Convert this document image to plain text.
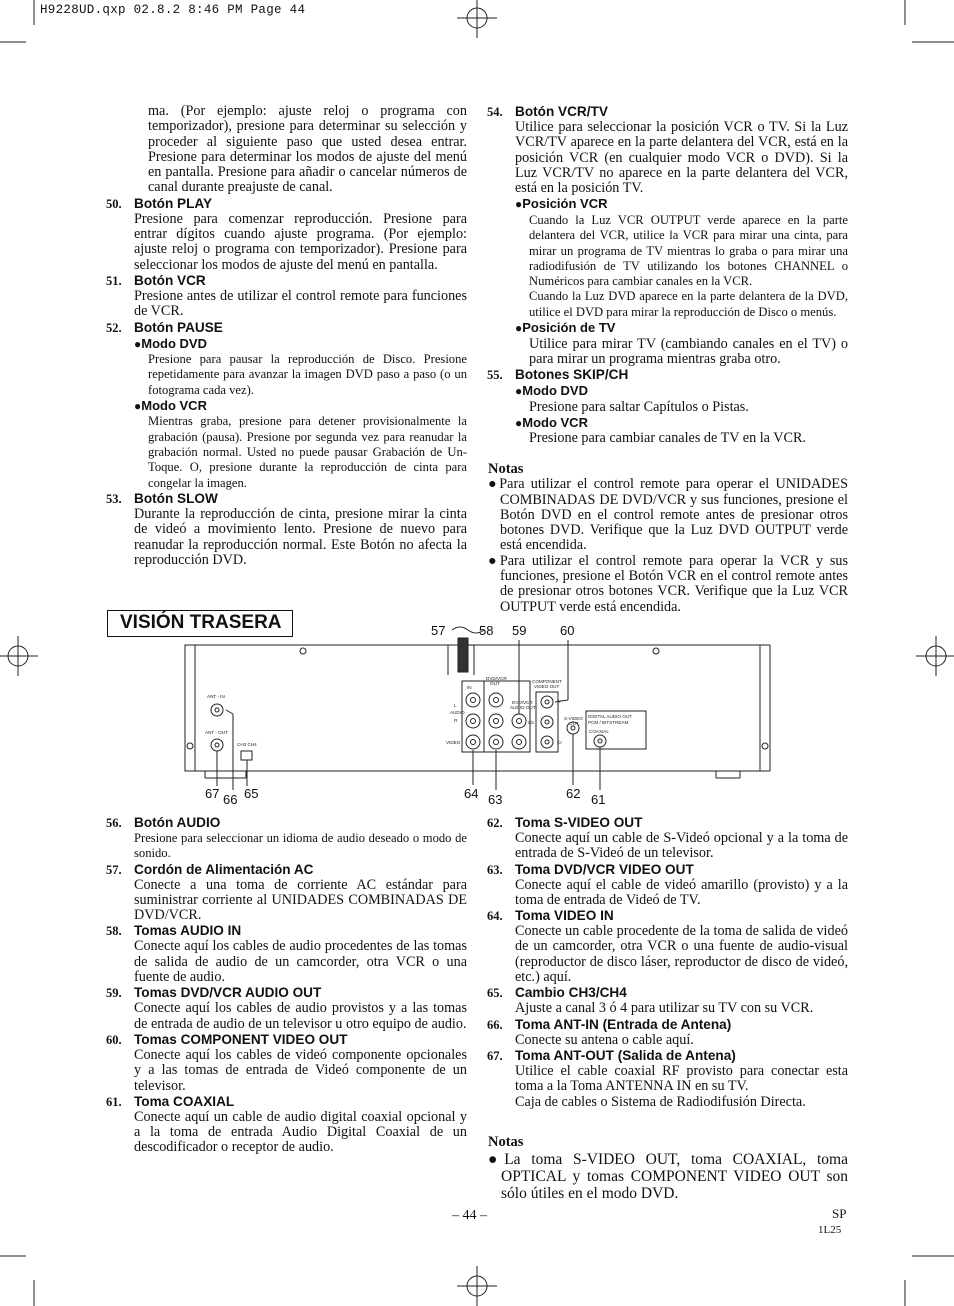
H9228UD.qxp 02.8.2 8:46 PM Page 44

ma. (Por ejemplo: ajuste reloj o programa con temporizador), presione para determinar su selección y proceder al siguiente paso que usted desea entrar. Presione para determinar los modos de ajuste del menú en pantalla. Presione para añadir o cancelar números de canal durante preajuste de canal.

50. Botón PLAY
Presione para comenzar reproducción. Presione para entrar dígitos cuando ajuste programa. (Por ejemplo: ajuste reloj o programa con temporizador). Presione para seleccionar los modos de ajuste del menú en pantalla.
51. Botón VCR
Presione antes de utilizar el control remote para funciones de VCR.
52. Botón PAUSE
●Modo DVD
Presione para pausar la reproducción de Disco. Presione repetidamente para avanzar la imagen DVD paso a paso (o un fotograma cada vez).
●Modo VCR
Mientras graba, presione para detener provisionalmente la grabación (pausa). Presione por segunda vez para reanudar la grabación normal. Usted no puede pausar Grabación de Un-Toque. O, presione durante la reproducción de cinta para congelar la imagen.
53. Botón SLOW
Durante la reproducción de cinta, presione mirar la cinta de videó a movimiento lento. Presione de nuevo para reanudar la reproducción normal. Este Botón no afecta la reproducción DVD.
54. Botón VCR/TV
Utilice para seleccionar la posición VCR o TV. Si la Luz VCR/TV aparece en la parte delantera del VCR, está en la posición VCR (en cualquier modo VCR o DVD). Si la Luz VCR/TV no aparece en la parte delantera del VCR, está en la posición TV.
●Posición VCR
Cuando la Luz VCR OUTPUT verde aparece en la parte delantera del VCR, utilice la VCR para mirar una cinta, para mirar un programa de TV mientras lo graba o para mirar una radiodifusión de TV utilizando los botones CHANNEL o Numéricos para cambiar canales en la VCR.
Cuando la Luz DVD aparece en la parte delantera de la DVD, utilice el DVD para mirar la reproducción de Disco o menús.
●Posición de TV
Utilice para mirar TV (cambiando canales en el TV) o para mirar un programa mientras graba otro.
55. Botones SKIP/CH
●Modo DVD
Presione para saltar Capítulos o Pistas.
●Modo VCR
Presione para cambiar canales de TV en la VCR.
Notas
●Para utilizar el control remote para operar el UNIDADES COMBINADAS DE DVD/VCR y sus funciones, presione el Botón DVD en el control remote antes de presionar otros botones DVD. Verifique que la Luz DVD OUTPUT verde está encendida.
●Para utilizar el control remote para operar la VCR y sus funciones, presione el Botón VCR en el control remote antes de presionar otros botones VCR. Verifique que la Luz VCR OUTPUT verde está encendida.
VISIÓN TRASERA
ANT - IN
ANT - OUT
CH3 CH4
IN
DVD/VCR
OUT
AUDIO
L
R
VIDEO
DVD/VCR
AUDIO OUT
COMPONENT
VIDEO OUT
Y
Cb
Cr
S-VIDEO
OUT
DIGITAL AUDIO OUT
PCM / BITSTREAM
COAXIAL
57	58 59	60
67 66 65	64 63	62 61
56. Botón AUDIO
Presione para seleccionar un idioma de audio deseado o modo de sonido.
57. Cordón de Alimentación AC
Conecte a una toma de corriente AC estándar para suministrar corriente al UNIDADES COMBINADAS DE DVD/VCR.
58. Tomas AUDIO IN
Conecte aquí los cables de audio procedentes de las tomas de salida de audio de un camcorder, otra VCR o una fuente de audio.
59. Tomas DVD/VCR AUDIO OUT
Conecte aquí los cables de audio provistos y a las tomas de entrada de audio de un televisor u otro equipo de audio.
60. Tomas COMPONENT VIDEO OUT
Conecte aquí los cables de videó componente opcionales y a las tomas de entrada de Videó componente de un televisor.
61. Toma COAXIAL
Conecte aquí un cable de audio digital coaxial opcional y a la toma de entrada Audio Digital Coaxial de un descodificador o receptor de audio.
62. Toma S-VIDEO OUT
Conecte aquí un cable de S-Videó opcional y a la toma de entrada de S-Videó de un televisor.
63. Toma DVD/VCR VIDEO OUT
Conecte aquí el cable de videó amarillo (provisto) y a la toma de entrada de Videó de TV.
64. Toma VIDEO IN
Conecte un cable procedente de la toma de salida de videó de un camcorder, otra VCR o una fuente de audio-visual (reproductor de disco láser, reproductor de disco de videó, etc.) aquí.
65. Cambio CH3/CH4
Ajuste a canal 3 ó 4 para utilizar su TV con su VCR.
66. Toma ANT-IN (Entrada de Antena)
Conecte su antena o cable aquí.
67. Toma ANT-OUT (Salida de Antena)
Utilice el cable coaxial RF provisto para conectar esta toma a la Toma ANTENNA IN en su TV.
Caja de cables o Sistema de Radiodifusión Directa.
Notas
●La toma S-VIDEO OUT, toma COAXIAL, toma OPTICAL y tomas COMPONENT VIDEO OUT son sólo útiles en el modo DVD.
– 44 –	SP
1L25
